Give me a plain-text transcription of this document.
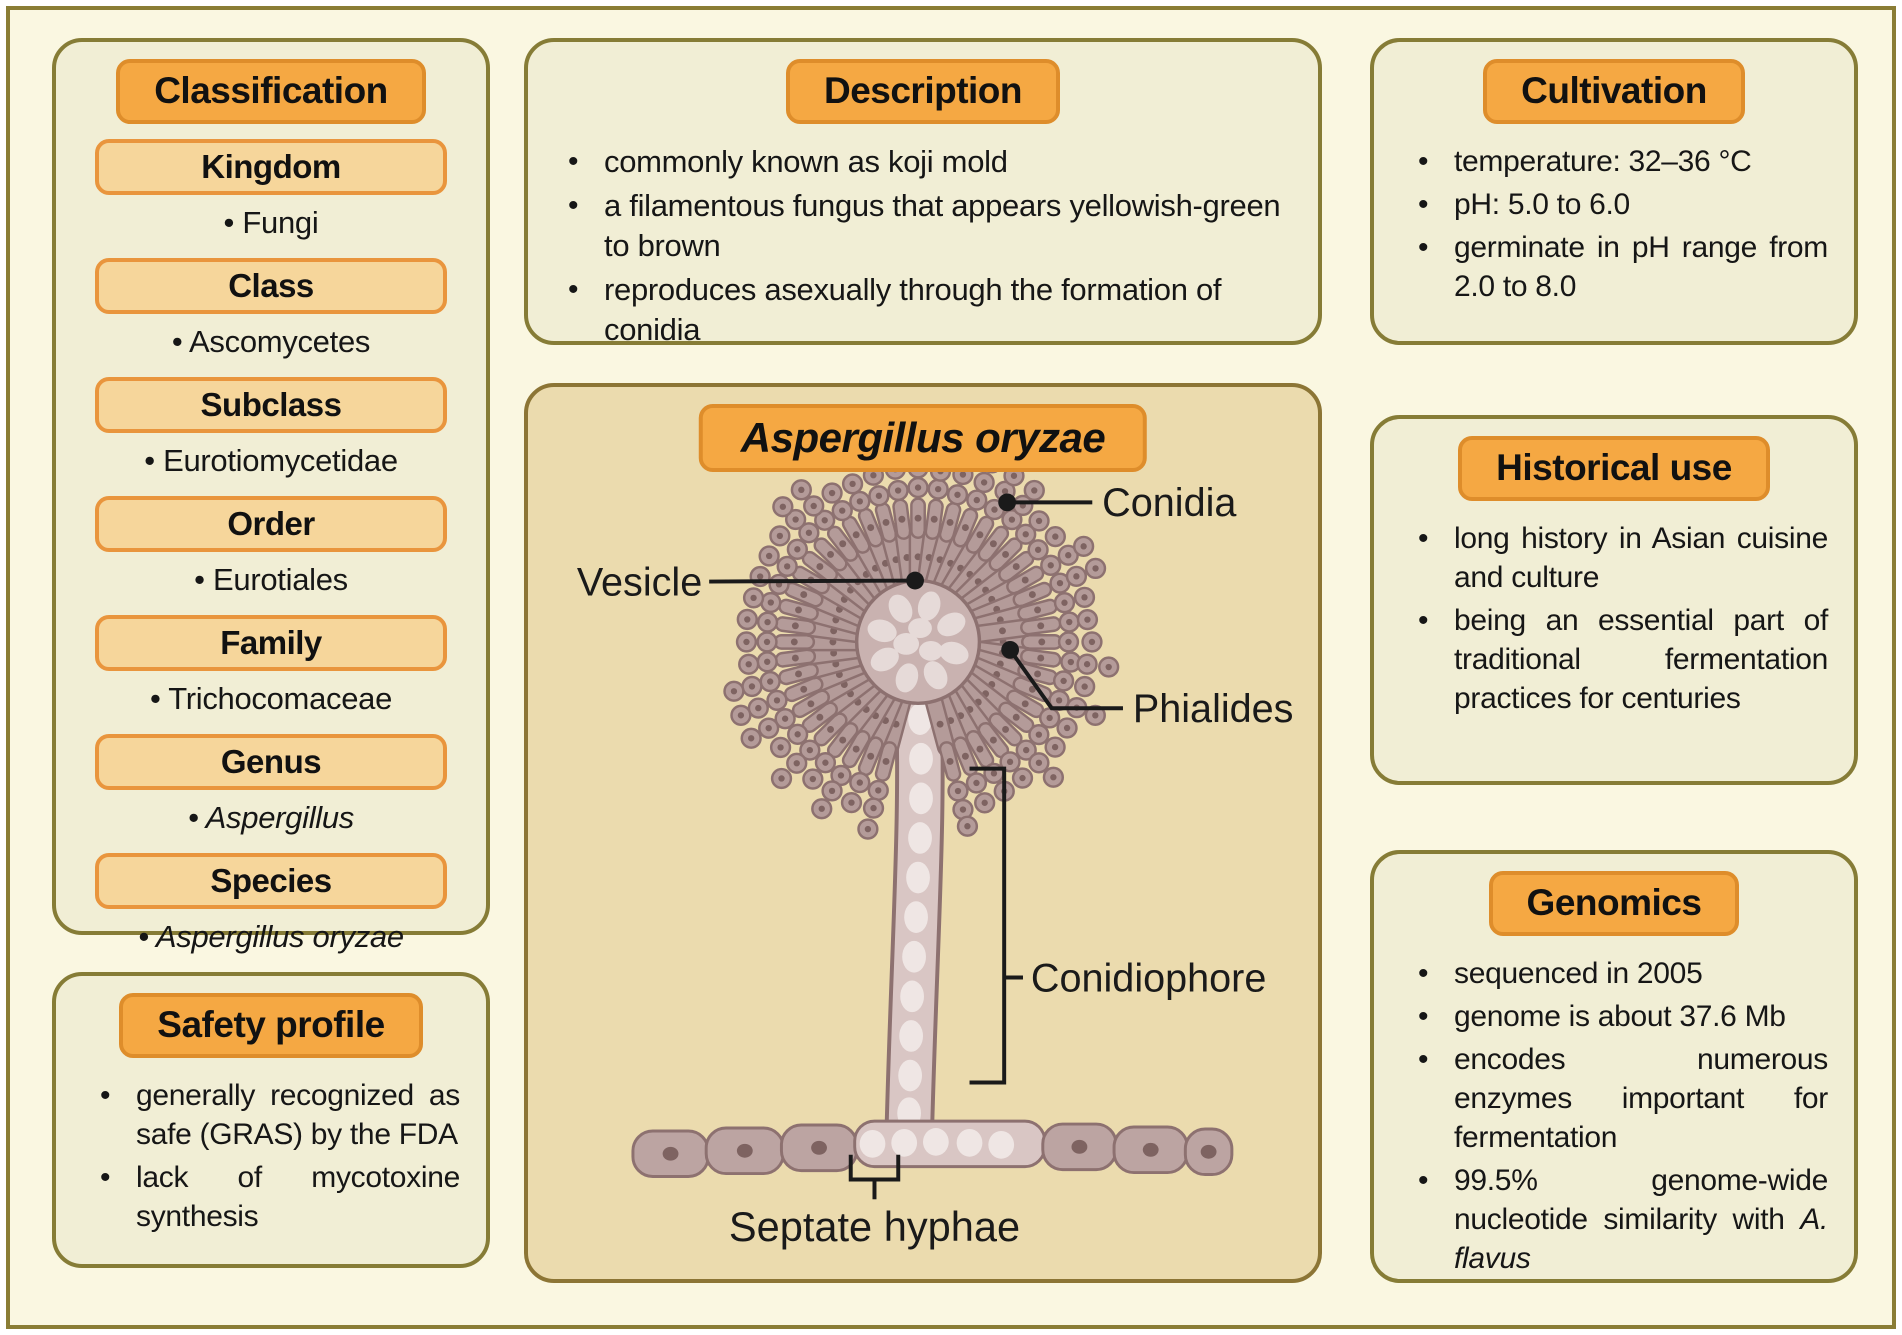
Classification
Kingdom
• Fungi
Class
• Ascomycetes
Subclass
• Eurotiomycetidae
Order
• Eurotiales
Family
• Trichocomaceae
Genus
• Aspergillus
Species
• Aspergillus oryzae
Safety profile
• generally recognized as safe (GRAS) by the FDA
• lack of mycotoxine synthesis
Description
• commonly known as koji mold
• a filamentous fungus that appears yellowish-green to brown
• reproduces asexually through the formation of conidia
Cultivation
• temperature: 32–36 °C
• pH: 5.0 to 6.0
• germinate in pH range from 2.0 to 8.0
Historical use
• long history in Asian cuisine and culture
• being an essential part of traditional fermentation practices for centuries
Genomics
• sequenced in 2005
• genome is about 37.6 Mb
• encodes numerous enzymes important for fermentation
• 99.5% genome-wide nucleotide similarity with A. flavus
Vesicle
Conidia
Phialides
Conidiophore
Septate hyphae
Aspergillus oryzae
